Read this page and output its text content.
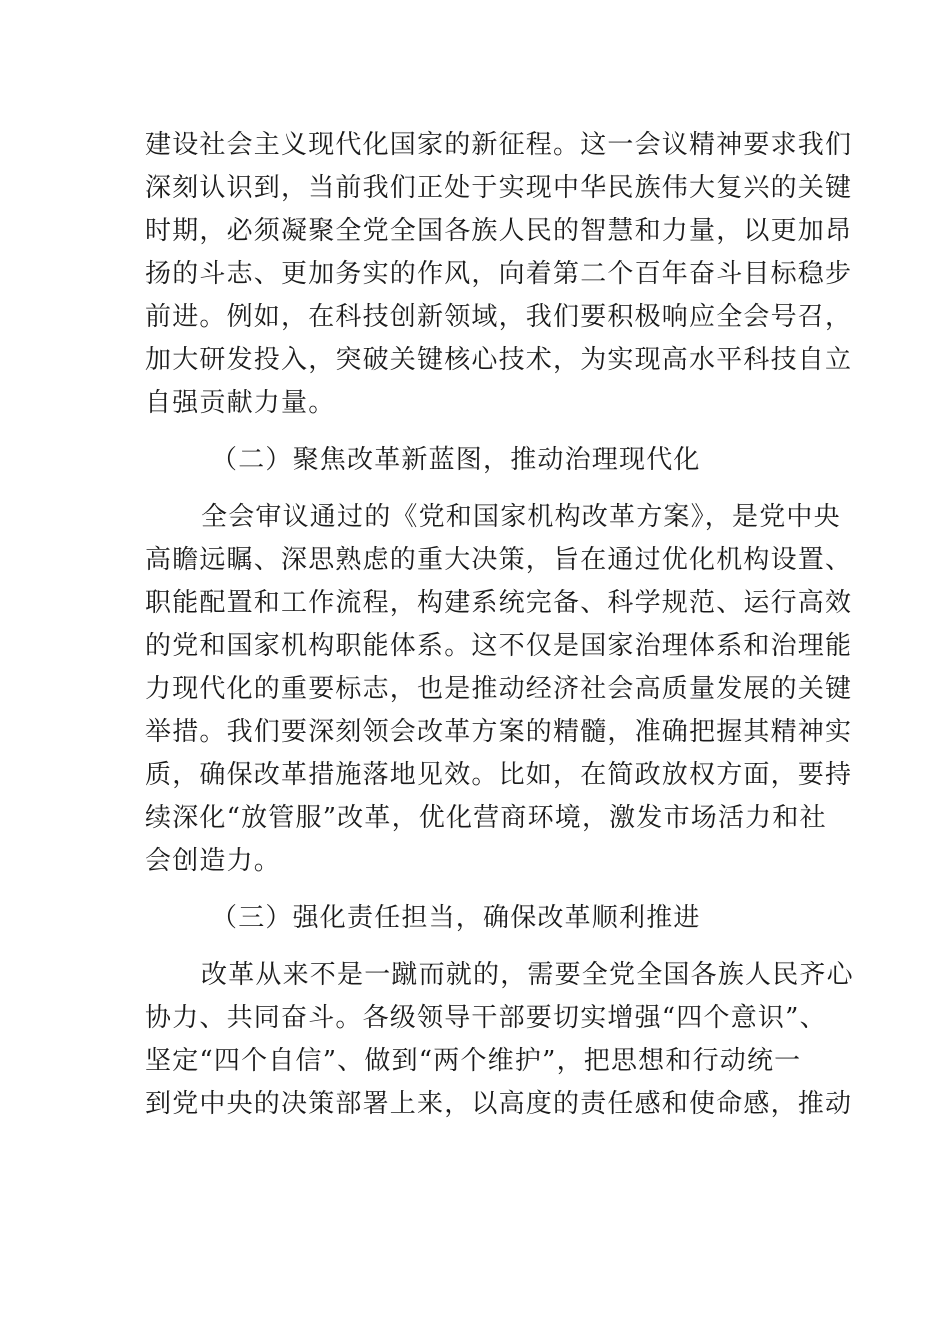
建设社会主义现代化国家的新征程。这一会议精神要求我们
深刻认识到，当前我们正处于实现中华民族伟大复兴的关键
时期，必须凝聚全党全国各族人民的智慧和力量，以更加昂
扬的斗志、更加务实的作风，向着第二个百年奋斗目标稳步
前进。例如，在科技创新领域，我们要积极响应全会号召，
加大研发投入，突破关键核心技术，为实现高水平科技自立
自强贡献力量。
（二）聚焦改革新蓝图，推动治理现代化
全会审议通过的《党和国家机构改革方案》，是党中央
高瞻远瞩、深思熟虑的重大决策，旨在通过优化机构设置、
职能配置和工作流程，构建系统完备、科学规范、运行高效
的党和国家机构职能体系。这不仅是国家治理体系和治理能
力现代化的重要标志，也是推动经济社会高质量发展的关键
举措。我们要深刻领会改革方案的精髓，准确把握其精神实
质，确保改革措施落地见效。比如，在简政放权方面，要持
续深化“放管服”改革，优化营商环境，激发市场活力和社
会创造力。
（三）强化责任担当，确保改革顺利推进
改革从来不是一蹴而就的，需要全党全国各族人民齐心
协力、共同奋斗。各级领导干部要切实增强“四个意识”、
坚定“四个自信”、做到“两个维护”，把思想和行动统一
到党中央的决策部署上来，以高度的责任感和使命感，推动
